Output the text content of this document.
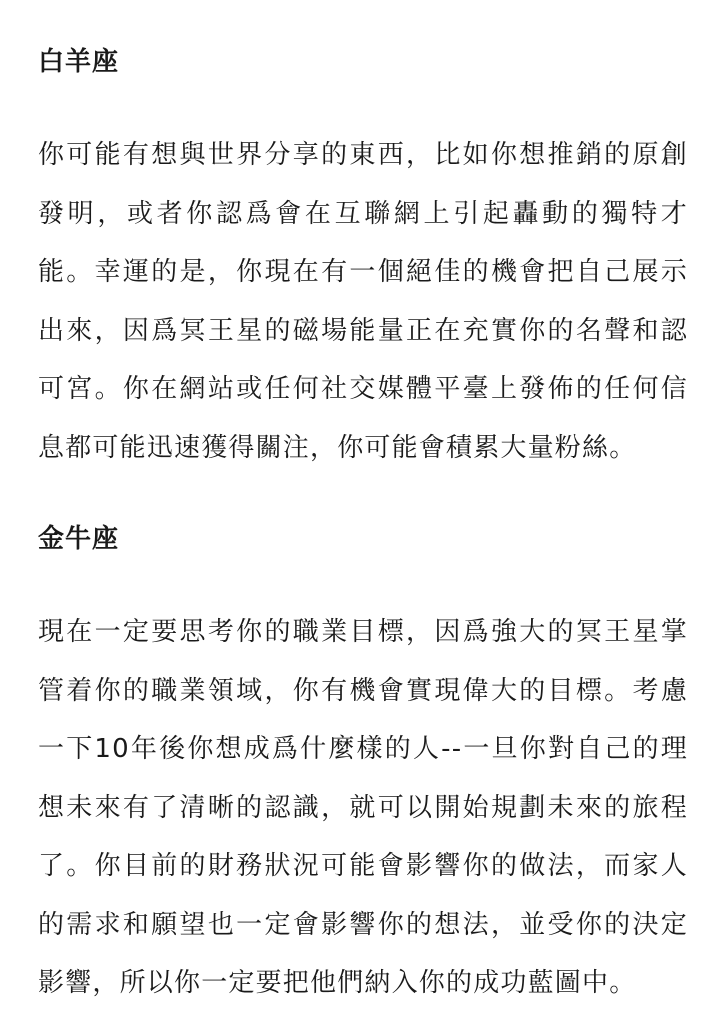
白羊座

你可能有想與世界分享的東西，比如你想推銷的原創發明，或者你認爲會在互聯網上引起轟動的獨特才能。幸運的是，你現在有一個絕佳的機會把自己展示出來，因爲冥王星的磁場能量正在充實你的名聲和認可宮。你在網站或任何社交媒體平臺上發佈的任何信息都可能迅速獲得關注，你可能會積累大量粉絲。

金牛座

現在一定要思考你的職業目標，因爲強大的冥王星掌管着你的職業領域，你有機會實現偉大的目標。考慮一下10年後你想成爲什麼樣的人--一旦你對自己的理想未來有了清晰的認識，就可以開始規劃未來的旅程了。你目前的財務狀況可能會影響你的做法，而家人的需求和願望也一定會影響你的想法，並受你的決定影響，所以你一定要把他們納入你的成功藍圖中。
